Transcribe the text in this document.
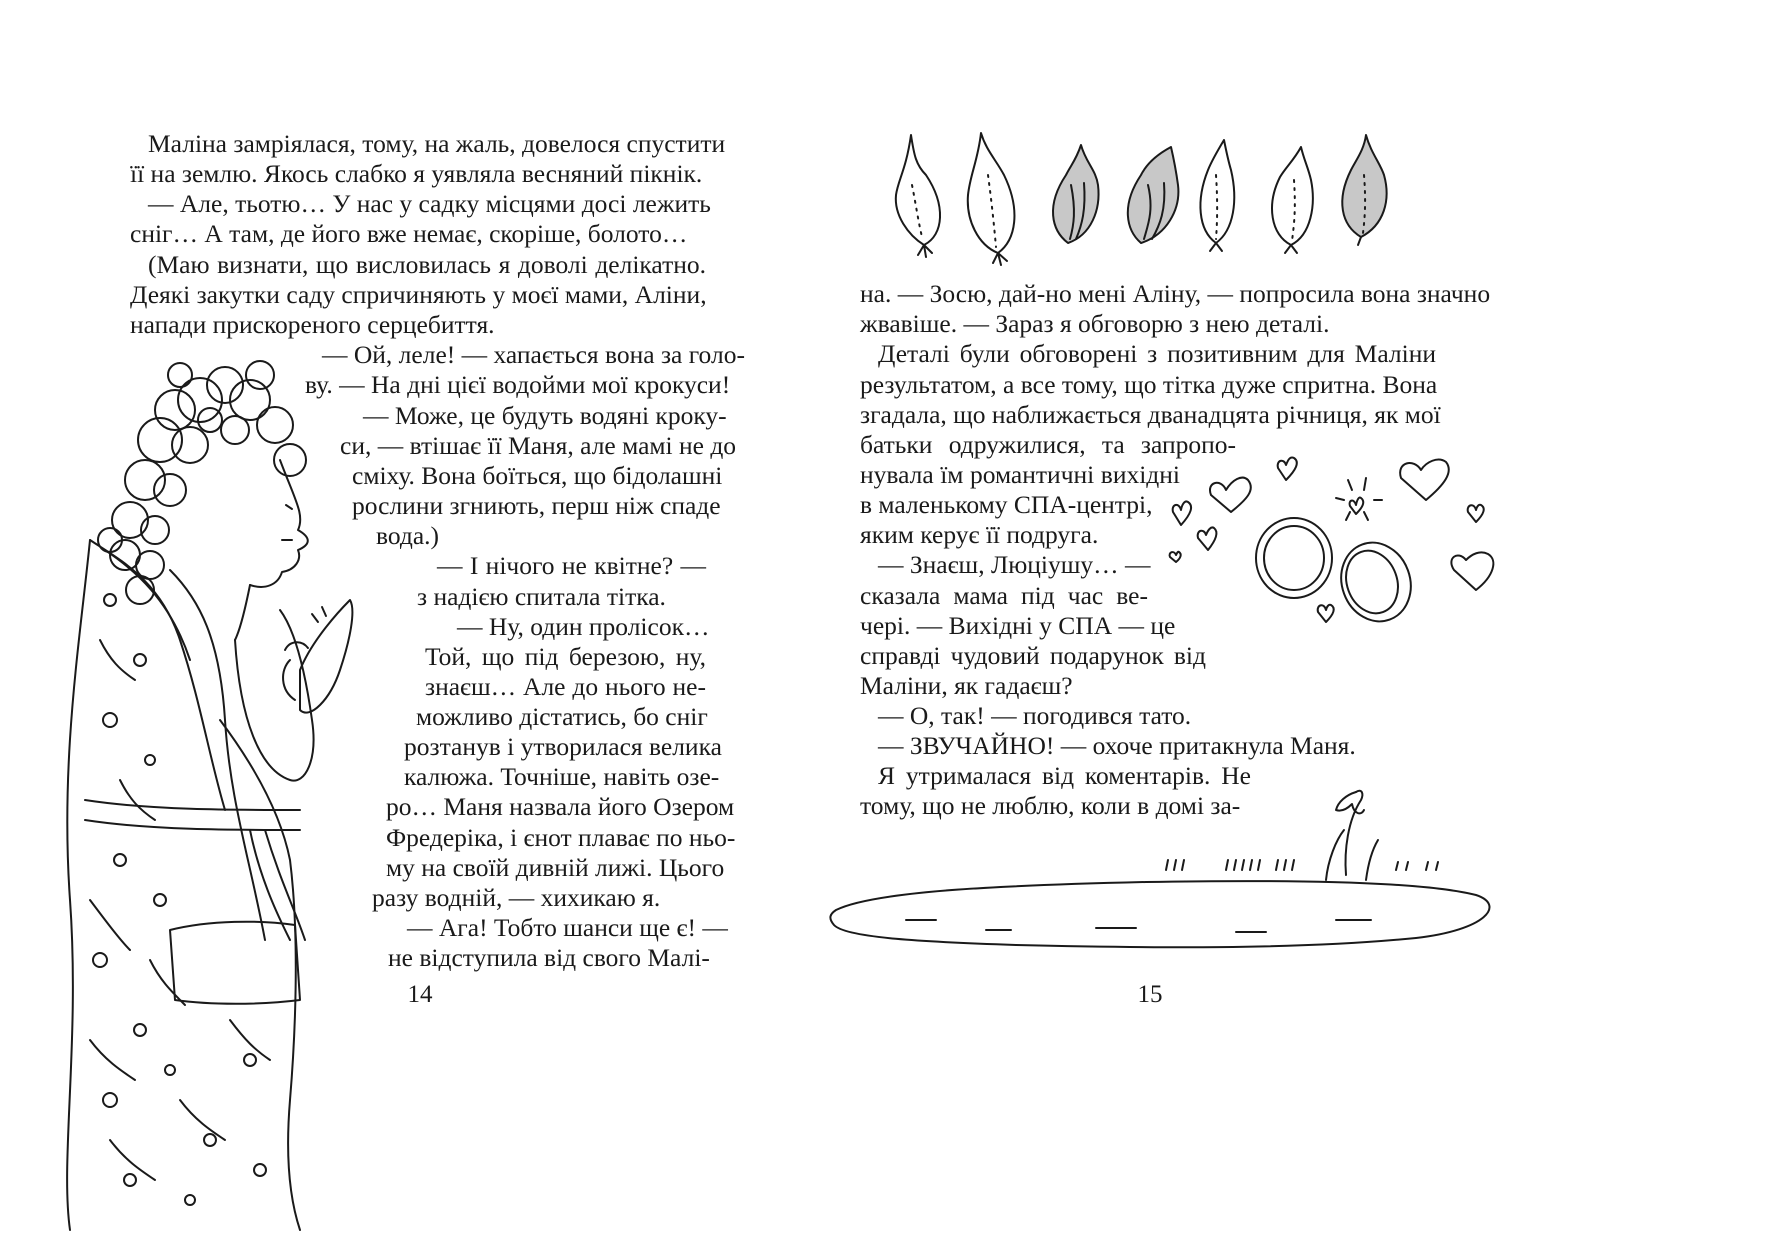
Маліна замріялася, тому, на жаль, довелося спустити
її на землю. Якось слабко я уявляла весняний пікнік.
— Але, тьотю… У нас у садку місцями досі лежить
сніг… А там, де його вже немає, скоріше, болото…
(Маю визнати, що висловилась я доволі делікатно.
Деякі закутки саду спричиняють у моєї мами, Аліни,
напади прискореного серцебиття.
— Ой, леле! — хапається вона за голо-
ву. — На дні цієї водойми мої крокуси!
— Може, це будуть водяні кроку-
си, — втішає її Маня, але мамі не до
сміху. Вона боїться, що бідолашні
рослини згниють, перш ніж спаде
вода.)
— І нічого не квітне? —
з надією спитала тітка.
— Ну, один пролісок…
Той, що під березою, ну,
знаєш… Але до нього не-
можливо дістатись, бо сніг
розтанув і утворилася велика
калюжа. Точніше, навіть озе-
ро… Маня назвала його Озером
Фредеріка, і єнот плаває по ньо-
му на своїй дивній лижі. Цього
разу водній, — хихикаю я.
— Ага! Тобто шанси ще є! —
не відступила від свого Малі-
14
на. — Зосю, дай-но мені Аліну, — попросила вона значно
жвавіше. — Зараз я обговорю з нею деталі.
Деталі були обговорені з позитивним для Маліни
результатом, а все тому, що тітка дуже спритна. Вона
згадала, що наближається дванадцята річниця, як мої
батьки одружилися, та запропо-
нувала їм романтичні вихідні
в маленькому СПА-центрі,
яким керує її подруга.
— Знаєш, Люціушу… —
сказала мама під час ве-
чері. — Вихідні у СПА — це
справді чудовий подарунок від
Маліни, як гадаєш?
— О, так! — погодився тато.
— ЗВУЧАЙНО! — охоче притакнула Маня.
Я утрималася від коментарів. Не
тому, що не люблю, коли в домі за-
15
